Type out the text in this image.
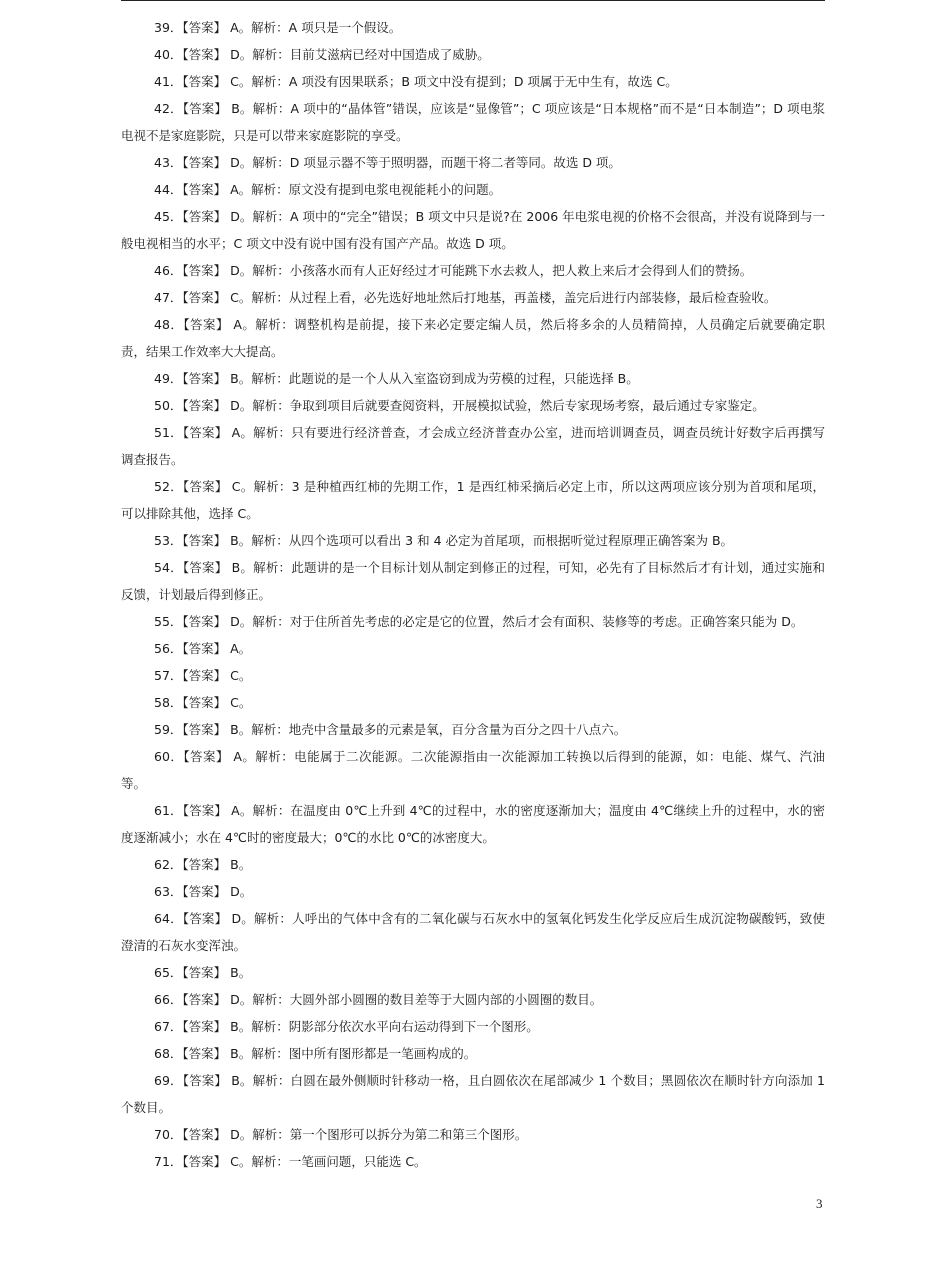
39．【答案】 A。解析：A 项只是一个假设。

40．【答案】 D。解析：目前艾滋病已经对中国造成了威胁。

41．【答案】 C。解析：A 项没有因果联系；B 项文中没有提到；D 项属于无中生有，故选 C。

42．【答案】 B。解析：A 项中的“晶体管”错误，应该是“显像管”；C 项应该是“日本规格”而不是“日本制造”；D 项电浆电视不是家庭影院，只是可以带来家庭影院的享受。

43．【答案】 D。解析：D 项显示器不等于照明器，而题干将二者等同。故选 D 项。

44．【答案】 A。解析：原文没有提到电浆电视能耗小的问题。

45．【答案】 D。解析：A 项中的“完全”错误；B 项文中只是说?在 2006 年电浆电视的价格不会很高，并没有说降到与一般电视相当的水平；C 项文中没有说中国有没有国产产品。故选 D 项。

46．【答案】 D。解析：小孩落水而有人正好经过才可能跳下水去救人，把人救上来后才会得到人们的赞扬。

47．【答案】 C。解析：从过程上看，必先选好地址然后打地基，再盖楼，盖完后进行内部装修，最后检查验收。

48．【答案】 A。解析：调整机构是前提，接下来必定要定编人员，然后将多余的人员精简掉，人员确定后就要确定职责，结果工作效率大大提高。

49．【答案】 B。解析：此题说的是一个人从入室盗窃到成为劳模的过程，只能选择 B。

50．【答案】 D。解析：争取到项目后就要查阅资料，开展模拟试验，然后专家现场考察，最后通过专家鉴定。

51．【答案】 A。解析：只有要进行经济普查，才会成立经济普查办公室，进而培训调查员，调查员统计好数字后再撰写调查报告。

52．【答案】 C。解析：3 是种植西红柿的先期工作，1 是西红柿采摘后必定上市，所以这两项应该分别为首项和尾项，可以排除其他，选择 C。

53．【答案】 B。解析：从四个选项可以看出 3 和 4 必定为首尾项，而根据听觉过程原理正确答案为 B。

54．【答案】 B。解析：此题讲的是一个目标计划从制定到修正的过程，可知，必先有了目标然后才有计划，通过实施和反馈，计划最后得到修正。

55．【答案】 D。解析：对于住所首先考虑的必定是它的位置，然后才会有面积、装修等的考虑。正确答案只能为 D。

56．【答案】 A。

57．【答案】 C。

58．【答案】 C。

59．【答案】 B。解析：地壳中含量最多的元素是氧，百分含量为百分之四十八点六。

60．【答案】 A。解析：电能属于二次能源。二次能源指由一次能源加工转换以后得到的能源，如：电能、煤气、汽油等。

61．【答案】 A。解析：在温度由 0℃上升到 4℃的过程中，水的密度逐渐加大；温度由 4℃继续上升的过程中，水的密度逐渐减小；水在 4℃时的密度最大；0℃的水比 0℃的冰密度大。

62．【答案】 B。

63．【答案】 D。

64．【答案】 D。解析：人呼出的气体中含有的二氧化碳与石灰水中的氢氧化钙发生化学反应后生成沉淀物碳酸钙，致使澄清的石灰水变浑浊。

65．【答案】 B。

66．【答案】 D。解析：大圆外部小圆圈的数目差等于大圆内部的小圆圈的数目。

67．【答案】 B。解析：阴影部分依次水平向右运动得到下一个图形。

68．【答案】 B。解析：图中所有图形都是一笔画构成的。

69．【答案】 B。解析：白圆在最外侧顺时针移动一格，且白圆依次在尾部减少 1 个数目；黑圆依次在顺时针方向添加 1 个数目。

70．【答案】 D。解析：第一个图形可以拆分为第二和第三个图形。

71．【答案】 C。解析：一笔画问题，只能选 C。

3
